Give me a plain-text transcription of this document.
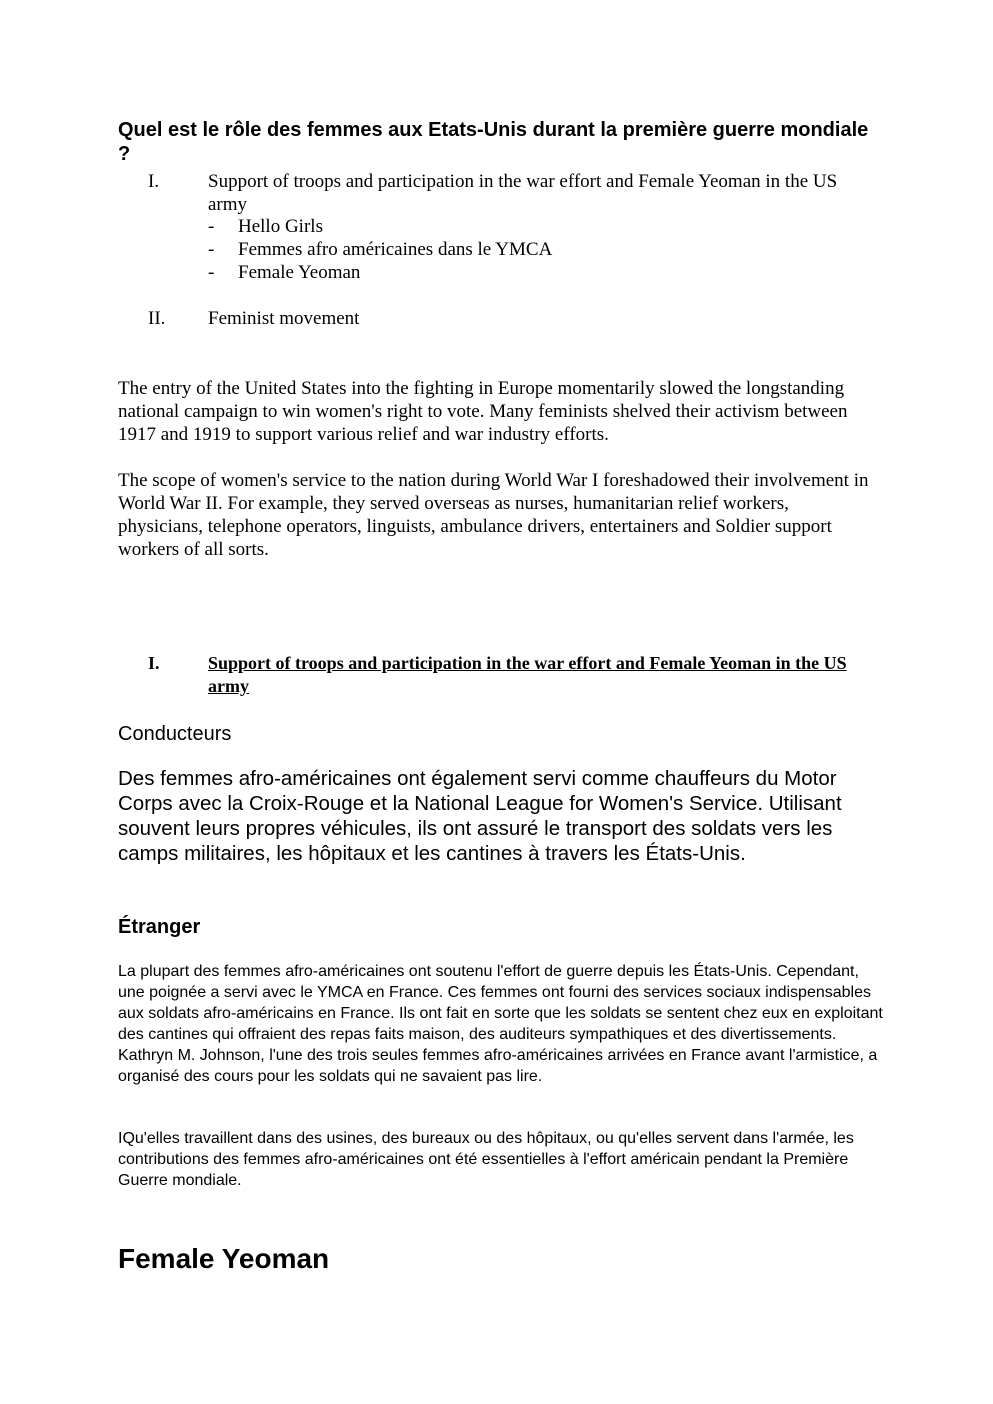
Quel est le rôle des femmes aux Etats-Unis durant la première guerre mondiale ?
I.	Support of troops and participation in the war effort and Female Yeoman in the US army
- Hello Girls
- Femmes afro américaines dans le YMCA
- Female Yeoman
II. Feminist movement

The entry of the United States into the fighting in Europe momentarily slowed the longstanding national campaign to win women's right to vote. Many feminists shelved their activism between 1917 and 1919 to support various relief and war industry efforts.

The scope of women's service to the nation during World War I foreshadowed their involvement in World War II. For example, they served overseas as nurses, humanitarian relief workers, physicians, telephone operators, linguists, ambulance drivers, entertainers and Soldier support workers of all sorts.

I.	Support of troops and participation in the war effort and Female Yeoman in the US army
Conducteurs

Des femmes afro-américaines ont également servi comme chauffeurs du Motor Corps avec la Croix-Rouge et la National League for Women's Service. Utilisant souvent leurs propres véhicules, ils ont assuré le transport des soldats vers les camps militaires, les hôpitaux et les cantines à travers les États-Unis.

Étranger

La plupart des femmes afro-américaines ont soutenu l'effort de guerre depuis les États-Unis. Cependant, une poignée a servi avec le YMCA en France. Ces femmes ont fourni des services sociaux indispensables aux soldats afro-américains en France. Ils ont fait en sorte que les soldats se sentent chez eux en exploitant des cantines qui offraient des repas faits maison, des auditeurs sympathiques et des divertissements. Kathryn M. Johnson, l'une des trois seules femmes afro-américaines arrivées en France avant l'armistice, a organisé des cours pour les soldats qui ne savaient pas lire.

IQu'elles travaillent dans des usines, des bureaux ou des hôpitaux, ou qu'elles servent dans l'armée, les contributions des femmes afro-américaines ont été essentielles à l'effort américain pendant la Première Guerre mondiale.

Female Yeoman
